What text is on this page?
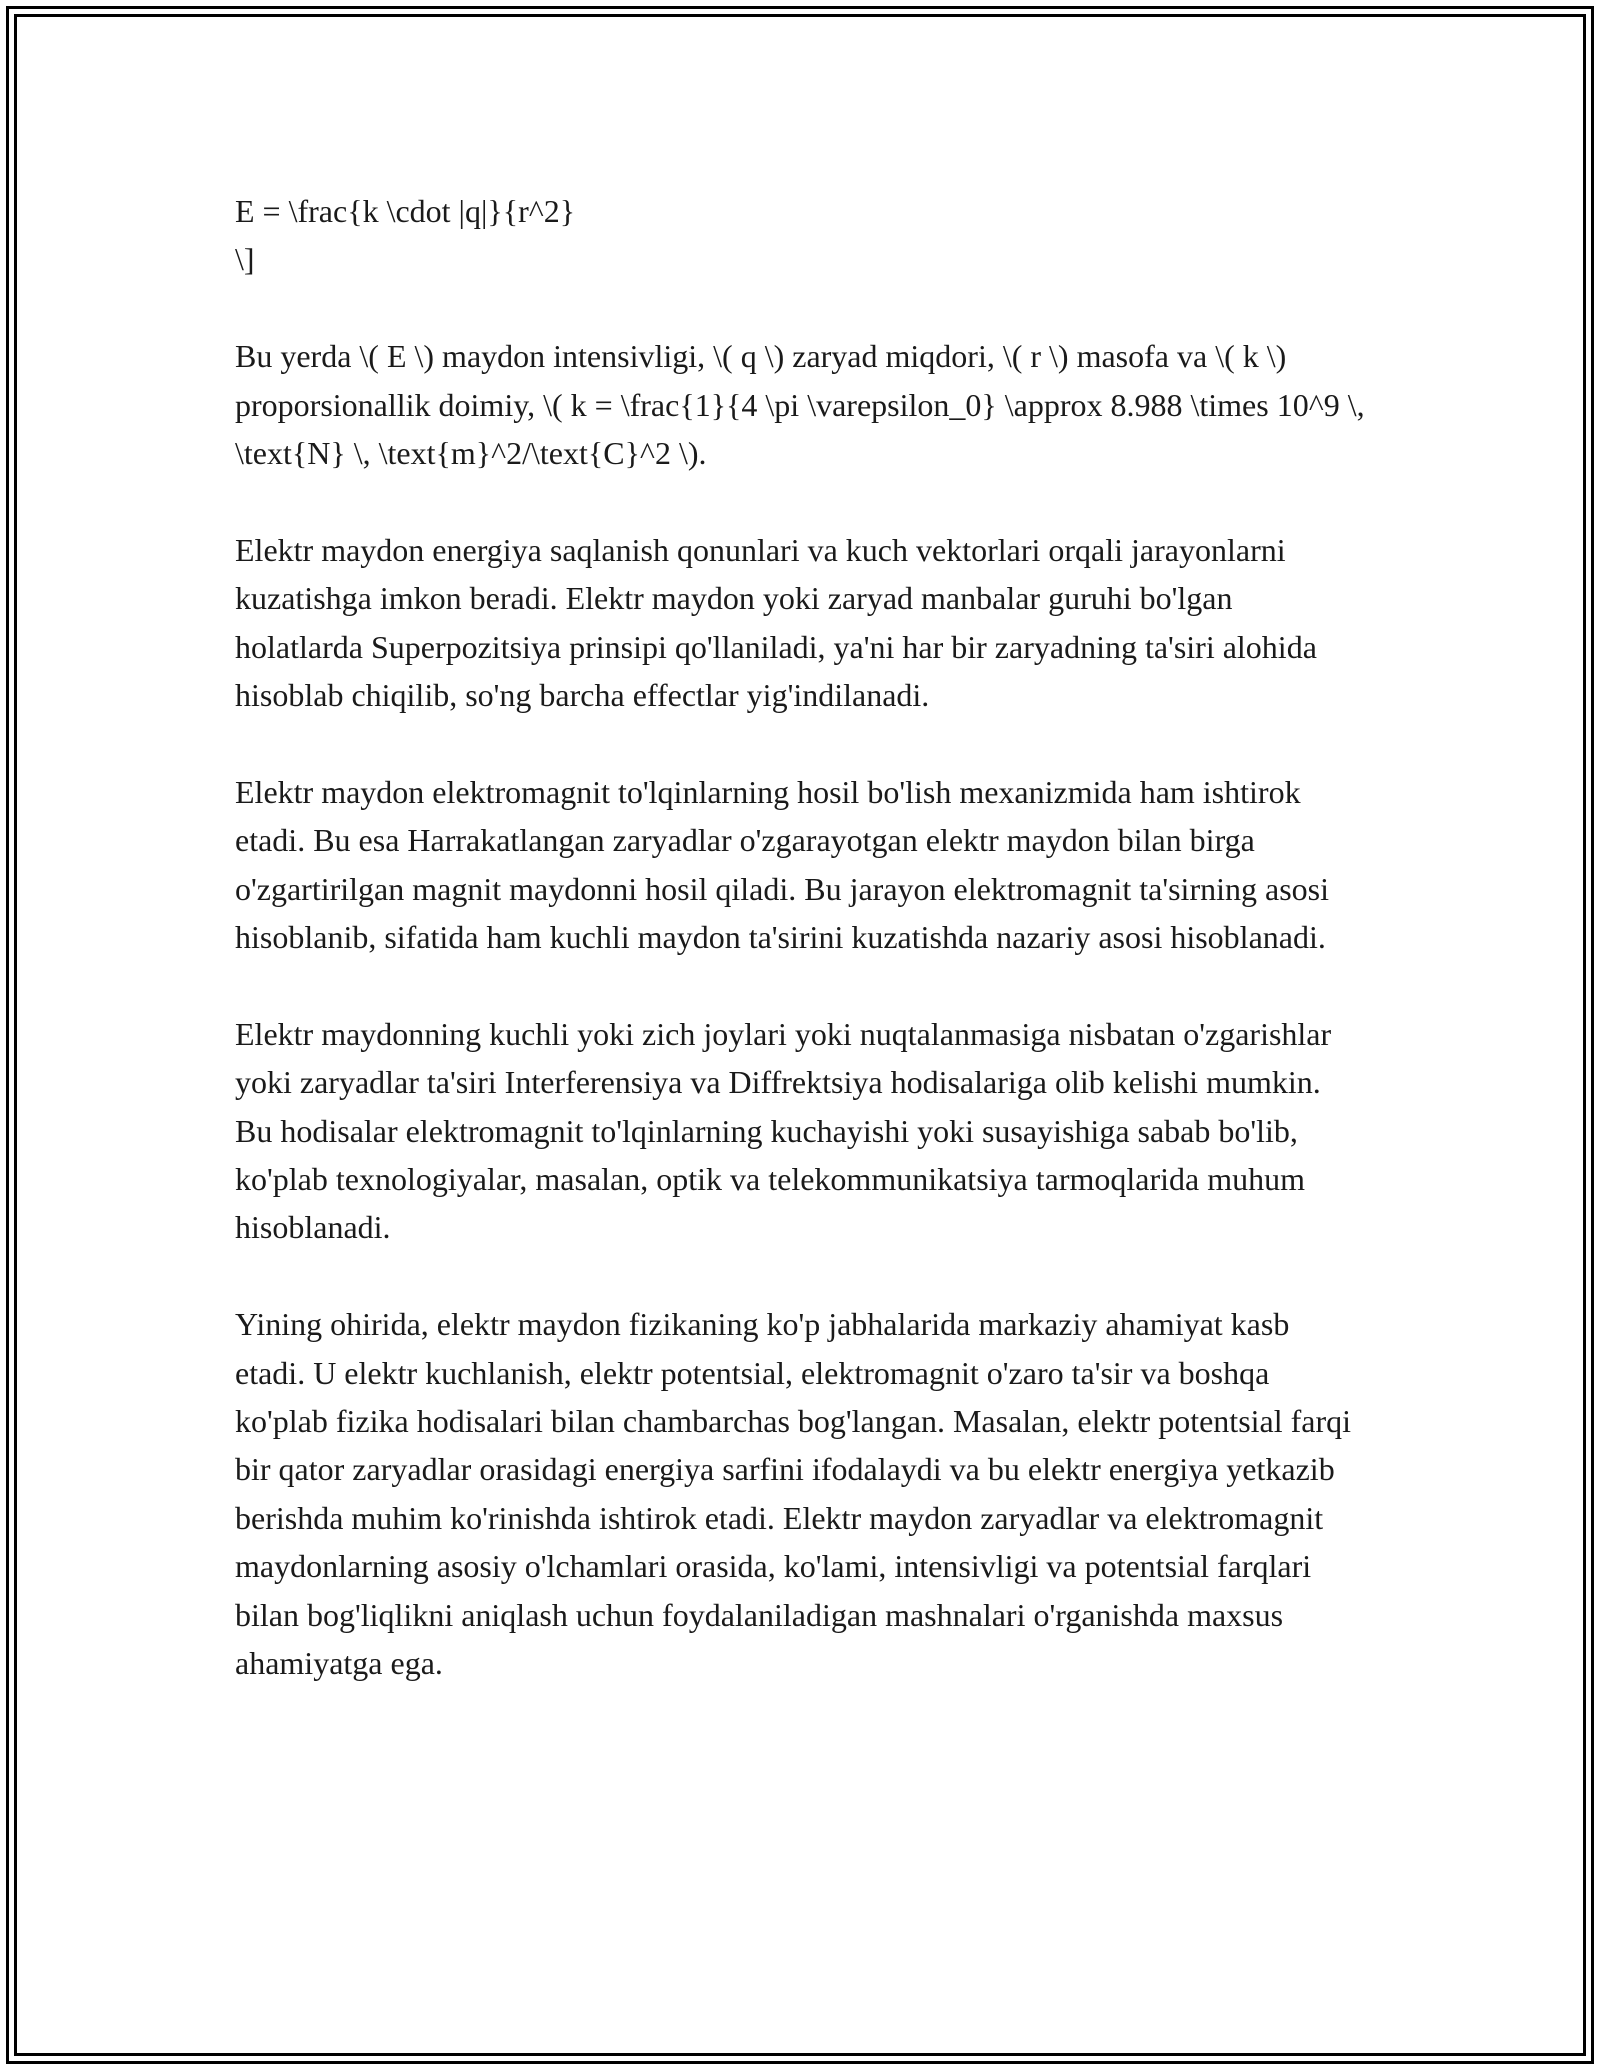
E = \frac{k \cdot |q|}{r^2}

\]

Bu yerda \( E \) maydon intensivligi, \( q \) zaryad miqdori, \( r \) masofa va \( k \) proporsionallik doimiy, \( k = \frac{1}{4 \pi \varepsilon_0} \approx 8.988 \times 10^9 \, \text{N} \, \text{m}^2/\text{C}^2 \).

Elektr maydon energiya saqlanish qonunlari va kuch vektorlari orqali jarayonlarni kuzatishga imkon beradi. Elektr maydon yoki zaryad manbalar guruhi bo'lgan holatlarda Superpozitsiya prinsipi qo'llaniladi, ya'ni har bir zaryadning ta'siri alohida hisoblab chiqilib, so'ng barcha effectlar yig'indilanadi.

Elektr maydon elektromagnit to'lqinlarning hosil bo'lish mexanizmida ham ishtirok etadi. Bu esa Harrakatlangan zaryadlar o'zgarayotgan elektr maydon bilan birga o'zgartirilgan magnit maydonni hosil qiladi. Bu jarayon elektromagnit ta'sirning asosi hisoblanib, sifatida ham kuchli maydon ta'sirini kuzatishda nazariy asosi hisoblanadi.

Elektr maydonning kuchli yoki zich joylari yoki nuqtalanmasiga nisbatan o'zgarishlar yoki zaryadlar ta'siri Interferensiya va Diffrektsiya hodisalariga olib kelishi mumkin. Bu hodisalar elektromagnit to'lqinlarning kuchayishi yoki susayishiga sabab bo'lib, ko'plab texnologiyalar, masalan, optik va telekommunikatsiya tarmoqlarida muhum hisoblanadi.

Yining ohirida, elektr maydon fizikaning ko'p jabhalarida markaziy ahamiyat kasb etadi. U elektr kuchlanish, elektr potentsial, elektromagnit o'zaro ta'sir va boshqa ko'plab fizika hodisalari bilan chambarchas bog'langan. Masalan, elektr potentsial farqi bir qator zaryadlar orasidagi energiya sarfini ifodalaydi va bu elektr energiya yetkazib berishda muhim ko'rinishda ishtirok etadi. Elektr maydon zaryadlar va elektromagnit maydonlarning asosiy o'lchamlari orasida, ko'lami, intensivligi va potentsial farqlari bilan bog'liqlikni aniqlash uchun foydalaniladigan mashnalari o'rganishda maxsus ahamiyatga ega.
